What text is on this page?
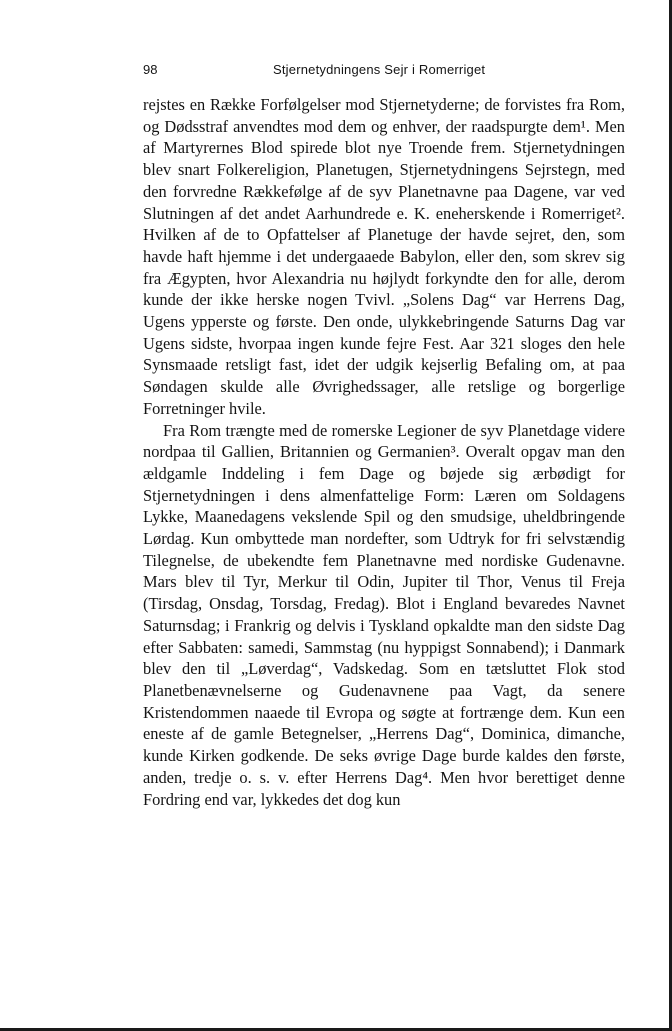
98	Stjernetydningens Sejr i Romerriget

rejstes en Række Forfølgelser mod Stjernetyderne; de forvistes fra Rom, og Dødsstraf anvendtes mod dem og enhver, der raadspurgte dem¹. Men af Martyrernes Blod spirede blot nye Troende frem. Stjernetydningen blev snart Folkereligion, Planetugen, Stjernetydningens Sejrstegn, med den forvredne Rækkefølge af de syv Planetnavne paa Dagene, var ved Slutningen af det andet Aarhundrede e. K. eneherskende i Romerriget². Hvilken af de to Opfattelser af Planetuge der havde sejret, den, som havde haft hjemme i det undergaaede Babylon, eller den, som skrev sig fra Ægypten, hvor Alexandria nu højlydt forkyndte den for alle, derom kunde der ikke herske nogen Tvivl. „Solens Dag“ var Herrens Dag, Ugens ypperste og første. Den onde, ulykkebringende Saturns Dag var Ugens sidste, hvorpaa ingen kunde fejre Fest. Aar 321 sloges den hele Synsmaade retsligt fast, idet der udgik kejserlig Befaling om, at paa Søndagen skulde alle Øvrighedssager, alle retslige og borgerlige Forretninger hvile.

Fra Rom trængte med de romerske Legioner de syv Planetdage videre nordpaa til Gallien, Britannien og Germanien³. Overalt opgav man den ældgamle Inddeling i fem Dage og bøjede sig ærbødigt for Stjernetydningen i dens almenfattelige Form: Læren om Soldagens Lykke, Maanedagens vekslende Spil og den smudsige, uheldbringende Lørdag. Kun ombyttede man nordefter, som Udtryk for fri selvstændig Tilegnelse, de ubekendte fem Planetnavne med nordiske Gudenavne. Mars blev til Tyr, Merkur til Odin, Jupiter til Thor, Venus til Freja (Tirsdag, Onsdag, Torsdag, Fredag). Blot i England bevaredes Navnet Saturnsdag; i Frankrig og delvis i Tyskland opkaldte man den sidste Dag efter Sabbaten: samedi, Sammstag (nu hyppigst Sonnabend); i Danmark blev den til „Løverdag“, Vadskedag. Som en tætsluttet Flok stod Planetbenævnelserne og Gudenavnene paa Vagt, da senere Kristendommen naaede til Evropa og søgte at fortrænge dem. Kun een eneste af de gamle Betegnelser, „Herrens Dag“, Dominica, dimanche, kunde Kirken godkende. De seks øvrige Dage burde kaldes den første, anden, tredje o. s. v. efter Herrens Dag⁴. Men hvor berettiget denne Fordring end var, lykkedes det dog kun
